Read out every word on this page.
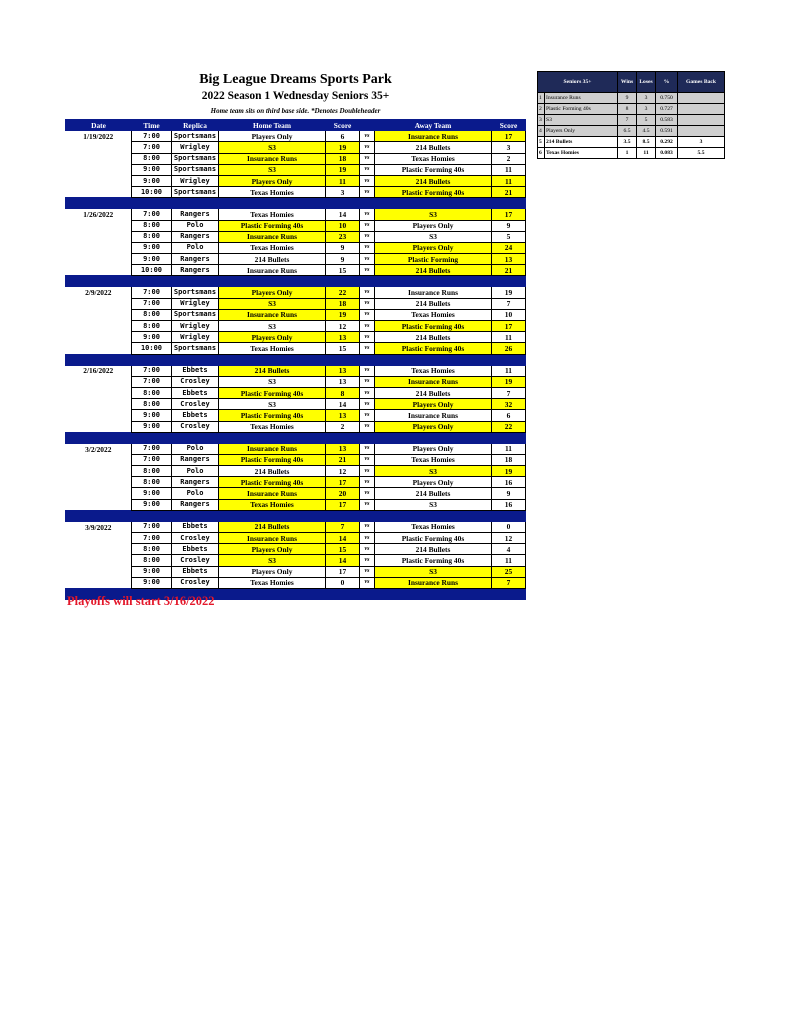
Big League Dreams Sports Park
2022 Season 1 Wednesday Seniors 35+
Home team sits on third base side. *Denotes Doubleheader
Date	Time	Replica	Home Team	Score		Away Team	Score
1/19/2022	7:00	Sportsmans	Players Only	6	vs	Insurance Runs	17
	7:00	Wrigley	S3	19	vs	214 Bullets	3
	8:00	Sportsmans	Insurance Runs	18	vs	Texas Homies	2
	9:00	Sportsmans	S3	19	vs	Plastic Forming 40s	11
	9:00	Wrigley	Players Only	11	vs	214 Bullets	11
	10:00	Sportsmans	Texas Homies	3	vs	Plastic Forming 40s	21

1/26/2022	7:00	Rangers	Texas Homies	14	vs	S3	17
	8:00	Polo	Plastic Forming 40s	10	vs	Players Only	9
	8:00	Rangers	Insurance Runs	23	vs	S3	5
	9:00	Polo	Texas Homies	9	vs	Players Only	24
	9:00	Rangers	214 Bullets	9	vs	Plastic Forming	13
	10:00	Rangers	Insurance Runs	15	vs	214 Bullets	21

2/9/2022	7:00	Sportsmans	Players Only	22	vs	Insurance Runs	19
	7:00	Wrigley	S3	18	vs	214 Bullets	7
	8:00	Sportsmans	Insurance Runs	19	vs	Texas Homies	10
	8:00	Wrigley	S3	12	vs	Plastic Forming 40s	17
	9:00	Wrigley	Players Only	13	vs	214 Bullets	11
	10:00	Sportsmans	Texas Homies	15	vs	Plastic Forming 40s	26

2/16/2022	7:00	Ebbets	214 Bullets	13	vs	Texas Homies	11
	7:00	Crosley	S3	13	vs	Insurance Runs	19
	8:00	Ebbets	Plastic Forming 40s	8	vs	214 Bullets	7
	8:00	Crosley	S3	14	vs	Players Only	32
	9:00	Ebbets	Plastic Forming 40s	13	vs	Insurance Runs	6
	9:00	Crosley	Texas Homies	2	vs	Players Only	22

3/2/2022	7:00	Polo	Insurance Runs	13	vs	Players Only	11
	7:00	Rangers	Plastic Forming 40s	21	vs	Texas Homies	18
	8:00	Polo	214 Bullets	12	vs	S3	19
	8:00	Rangers	Plastic Forming 40s	17	vs	Players Only	16
	9:00	Polo	Insurance Runs	20	vs	214 Bullets	9
	9:00	Rangers	Texas Homies	17	vs	S3	16

3/9/2022	7:00	Ebbets	214 Bullets	7	vs	Texas Homies	0
	7:00	Crosley	Insurance Runs	14	vs	Plastic Forming 40s	12
	8:00	Ebbets	Players Only	15	vs	214 Bullets	4
	8:00	Crosley	S3	14	vs	Plastic Forming 40s	11
	9:00	Ebbets	Players Only	17	vs	S3	25
	9:00	Crosley	Texas Homies	0	vs	Insurance Runs	7

Playoffs will start 3/16/2022
Seniors 35+		Wins	Loses	%	Games Back
1	Insurance Runs	9	3	0.750	
2	Plastic Forming 40s	8	3	0.727	
3	S3	7	5	0.583	
4	Players Only	6.5	4.5	0.591	
5	214 Bullets	3.5	8.5	0.292	3
6	Texas Homies	1	11	0.083	5.5
